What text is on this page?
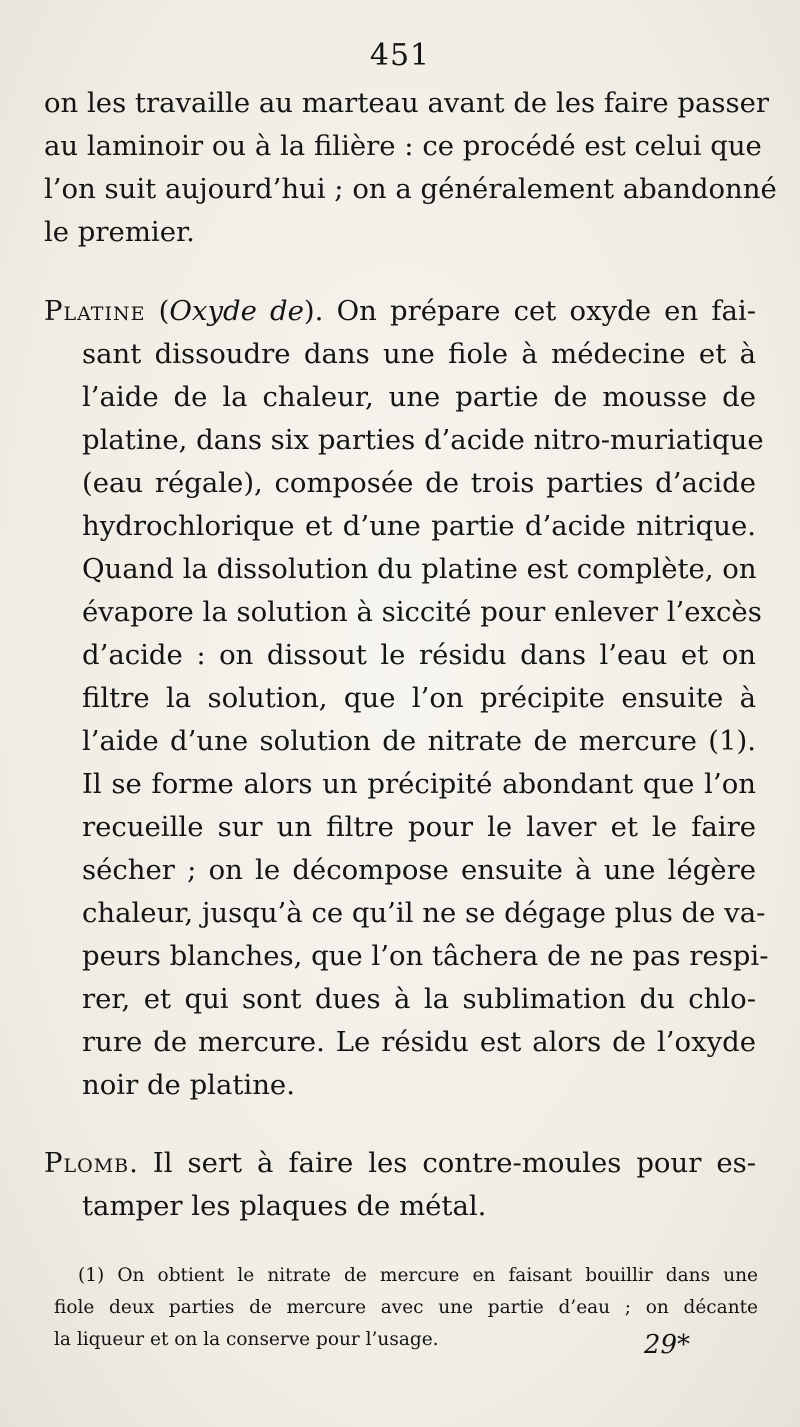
451
on les travaille au marteau avant de les faire passer
au laminoir ou à la filière : ce procédé est celui que
l’on suit aujourd’hui ; on a généralement abandonné
le premier.
Platine (Oxyde de). On prépare cet oxyde en fai-
sant dissoudre dans une fiole à médecine et à
l’aide de la chaleur, une partie de mousse de
platine, dans six parties d’acide nitro-muriatique
(eau régale), composée de trois parties d’acide
hydrochlorique et d’une partie d’acide nitrique.
Quand la dissolution du platine est complète, on
évapore la solution à siccité pour enlever l’excès
d’acide : on dissout le résidu dans l’eau et on
filtre la solution, que l’on précipite ensuite à
l’aide d’une solution de nitrate de mercure (1).
Il se forme alors un précipité abondant que l’on
recueille sur un filtre pour le laver et le faire
sécher ; on le décompose ensuite à une légère
chaleur, jusqu’à ce qu’il ne se dégage plus de va-
peurs blanches, que l’on tâchera de ne pas respi-
rer, et qui sont dues à la sublimation du chlo-
rure de mercure. Le résidu est alors de l’oxyde
noir de platine.
Plomb. Il sert à faire les contre-moules pour es-
tamper les plaques de métal.
(1) On obtient le nitrate de mercure en faisant bouillir dans une
fiole deux parties de mercure avec une partie d’eau ; on décante
la liqueur et on la conserve pour l’usage.	29*
